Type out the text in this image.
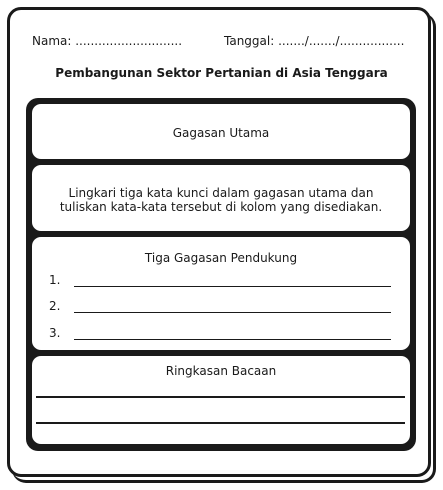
Nama: ............................	Tanggal: ......./......./.................
Pembangunan Sektor Pertanian di Asia Tenggara
Gagasan Utama
Lingkari tiga kata kunci dalam gagasan utama dan tuliskan kata-kata tersebut di kolom yang disediakan.
Tiga Gagasan Pendukung
1.
2.
3.
Ringkasan Bacaan
